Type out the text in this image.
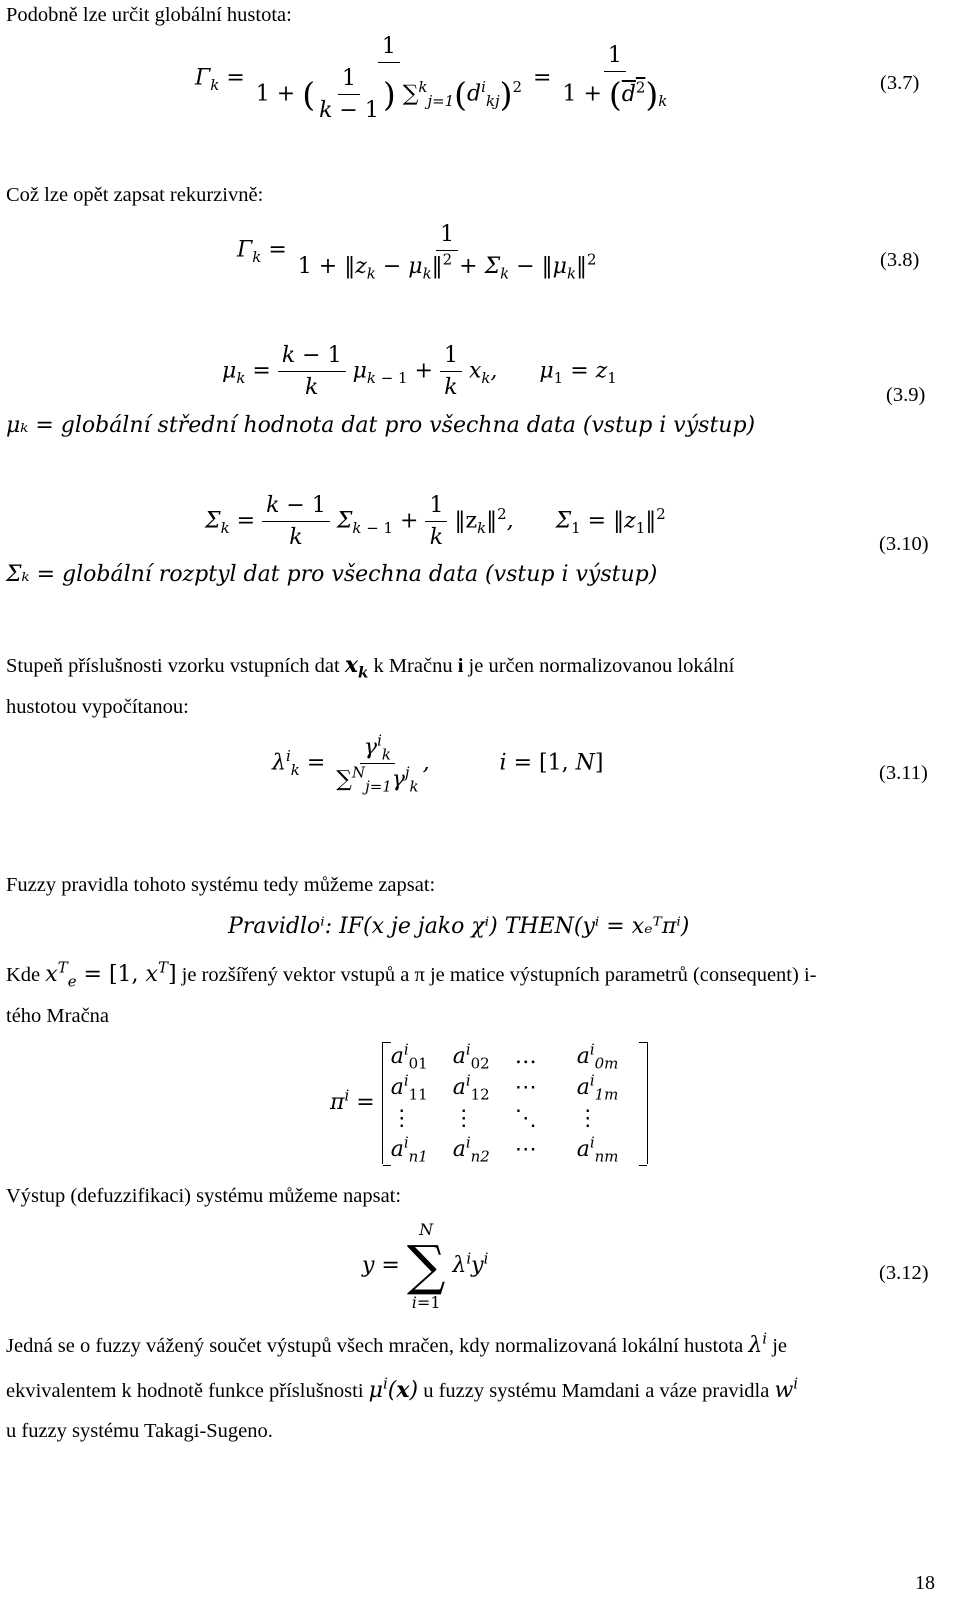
Podobně lze určit globální hustota:
$\Gamma_k = \frac{1}{1 + ( \frac{1}{k - 1} ) \sum^k_{j=1}(d^i_{kj})^2} = \frac{1}{1 + (d^2)_k}$	(3.7)
Což lze opět zapsat rekurzivně:
$\Gamma_k = \frac{1}{1 + ‖z_k - \mu_k‖^2 + \Sigma_k - ‖\mu_k‖^2}$	(3.8)
$\mu_k = \frac{k - 1}{k} \mu_{k - 1} + \frac{1}{k} x_k$,      $\mu_1 = z_1$
μₖ = globální střední hodnota dat pro všechna data (vstup i výstup)
(3.9)
$\Sigma_k = \frac{k - 1}{k} \Sigma_{k - 1} + \frac{1}{k}$ $‖z_k‖^2$,      $\Sigma_1$ = $‖z_1‖^2$
Σₖ = globální rozptyl dat pro všechna data (vstup i výstup)
(3.10)
Stupeň příslušnosti vzorku vstupních dat $x_k$ k Mračnu i je určen normalizovanou lokální
hustotou vypočítanou:
$\lambda^i_k = \frac{\gamma^i_k}{\sum^N_{j=1}\gamma^j_k}$ ,          i = [1, N]	(3.11)
Fuzzy pravidla tohoto systému tedy můžeme zapsat:
Pravidloⁱ: IF(x je jako χⁱ) THEN(yⁱ = xₑᵀπⁱ)
Kde $x^T_e = [1$, $x^T$] je rozšířený vektor vstupů a π je matice výstupních parametrů (consequent) i-
tého Mračna
$\pi^i$ =
$a^i_{01}$	$a^i_{02}$	…	$a^i_{0m}$
$a^i_{11}$	$a^i_{12}$	⋯	$a^i_{1m}$
⋮	⋮	⋱	⋮
$a^i_{n1}$	$a^i_{n2}$	⋯	$a^i_{nm}$
Výstup (defuzzifikaci) systému můžeme napsat:
y =
N
∑
i=1
$\lambda^iy^i$
(3.12)
Jedná se o fuzzy vážený součet výstupů všech mračen, kdy normalizovaná lokální hustota $\lambda^i$ je
ekvivalentem k hodnotě funkce příslušnosti $\mu^i(x)$ u fuzzy systému Mamdani a váze pravidla $w^i$
u fuzzy systému Takagi-Sugeno.
18
